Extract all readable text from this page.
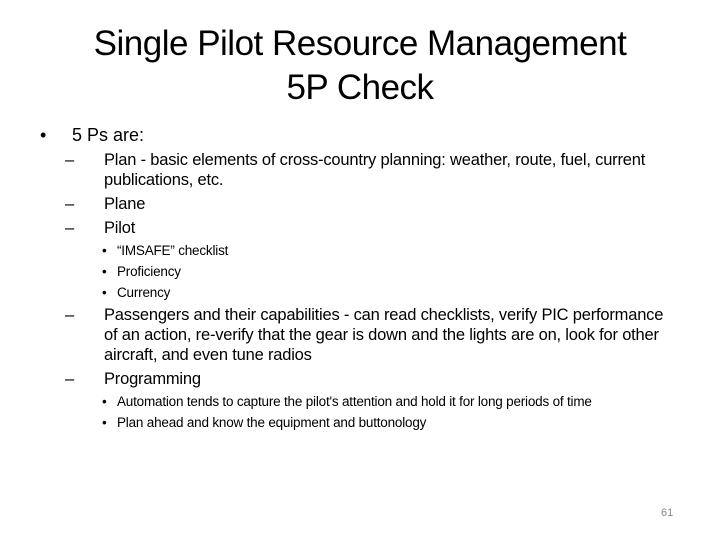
Single Pilot Resource Management
5P Check
• 5 Ps are:
– Plan - basic elements of cross-country planning: weather, route, fuel, current publications, etc.
– Plane
– Pilot
• “IMSAFE” checklist
• Proficiency
• Currency
– Passengers and their capabilities - can read checklists, verify PIC performance of an action, re-verify that the gear is down and the lights are on, look for other aircraft, and even tune radios
– Programming
• Automation tends to capture the pilot's attention and hold it for long periods of time
• Plan ahead and know the equipment and buttonology
61
